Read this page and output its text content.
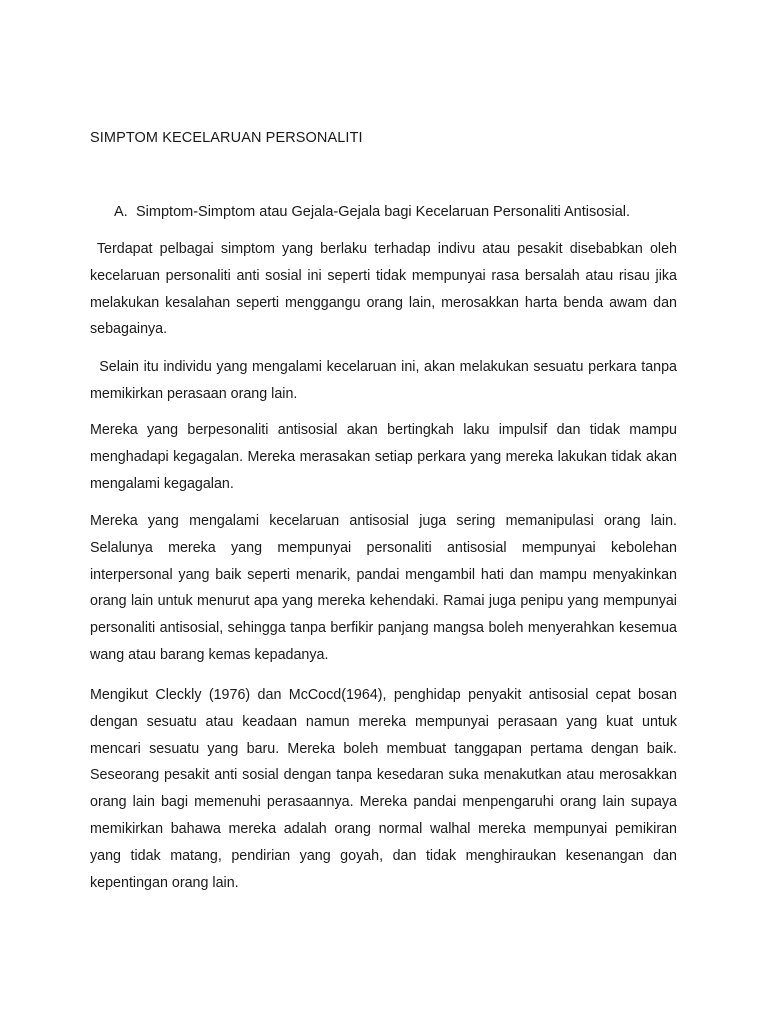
SIMPTOM KECELARUAN PERSONALITI
A. Simptom-Simptom atau Gejala-Gejala bagi Kecelaruan Personaliti Antisosial.

Terdapat pelbagai simptom yang berlaku terhadap indivu atau pesakit disebabkan oleh kecelaruan personaliti anti sosial ini seperti tidak mempunyai rasa bersalah atau risau jika melakukan kesalahan seperti menggangu orang lain, merosakkan harta benda awam dan sebagainya.

Selain itu individu yang mengalami kecelaruan ini, akan melakukan sesuatu perkara tanpa memikirkan perasaan orang lain.

Mereka yang berpesonaliti antisosial akan bertingkah laku impulsif dan tidak mampu menghadapi kegagalan. Mereka merasakan setiap perkara yang mereka lakukan tidak akan mengalami kegagalan.

Mereka yang mengalami kecelaruan antisosial juga sering memanipulasi orang lain. Selalunya mereka yang mempunyai personaliti antisosial mempunyai kebolehan interpersonal yang baik seperti menarik, pandai mengambil hati dan mampu menyakinkan orang lain untuk menurut apa yang mereka kehendaki. Ramai juga penipu yang mempunyai personaliti antisosial, sehingga tanpa berfikir panjang mangsa boleh menyerahkan kesemua wang atau barang kemas kepadanya.

Mengikut Cleckly (1976) dan McCocd(1964), penghidap penyakit antisosial cepat bosan dengan sesuatu atau keadaan namun mereka mempunyai perasaan yang kuat untuk mencari sesuatu yang baru. Mereka boleh membuat tanggapan pertama dengan baik. Seseorang pesakit anti sosial dengan tanpa kesedaran suka menakutkan atau merosakkan orang lain bagi memenuhi perasaannya. Mereka pandai menpengaruhi orang lain supaya memikirkan bahawa mereka adalah orang normal walhal mereka mempunyai pemikiran yang tidak matang, pendirian yang goyah, dan tidak menghiraukan kesenangan dan kepentingan orang lain.
